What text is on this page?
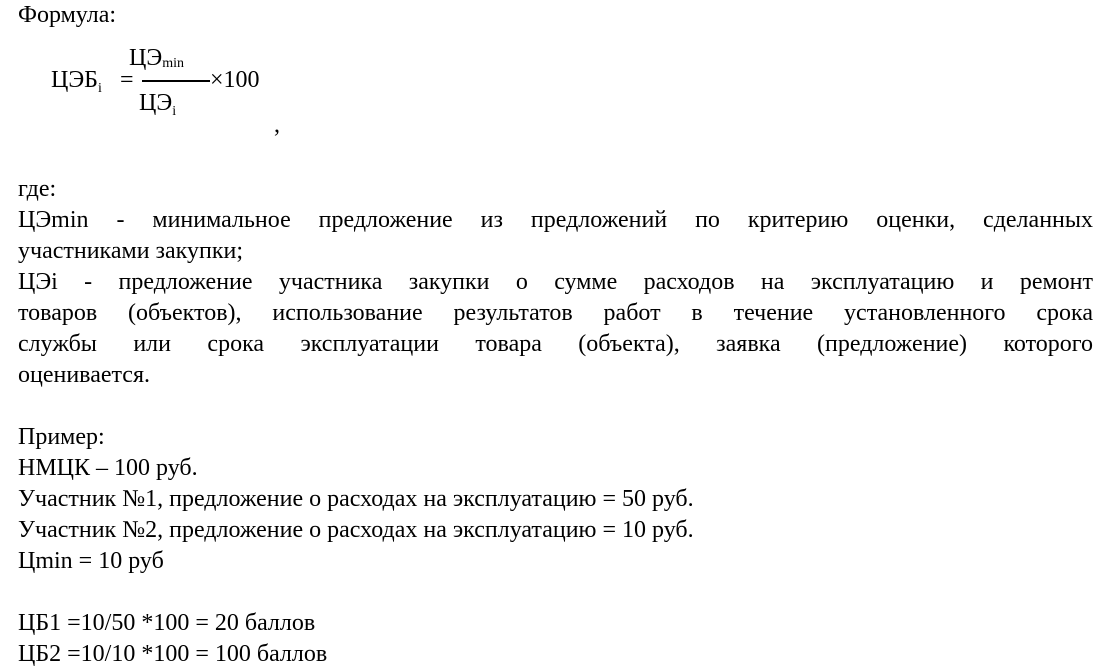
Формула:
$ЦЭБ_i$ =
$ЦЭ_{min}$
$ЦЭ_i$
×100
,
где:
ЦЭmin - минимальное предложение из предложений по критерию оценки, сделанных
участниками закупки;
ЦЭi - предложение участника закупки о сумме расходов на эксплуатацию и ремонт
товаров (объектов), использование результатов работ в течение установленного срока
службы или срока эксплуатации товара (объекта), заявка (предложение) которого
оценивается.
Пример:
НМЦК – 100 руб.
Участник №1, предложение о расходах на эксплуатацию = 50 руб.
Участник №2, предложение о расходах на эксплуатацию = 10 руб.
Цmin = 10 руб
ЦБ1 =10/50 *100 = 20 баллов
ЦБ2 =10/10 *100 = 100 баллов
